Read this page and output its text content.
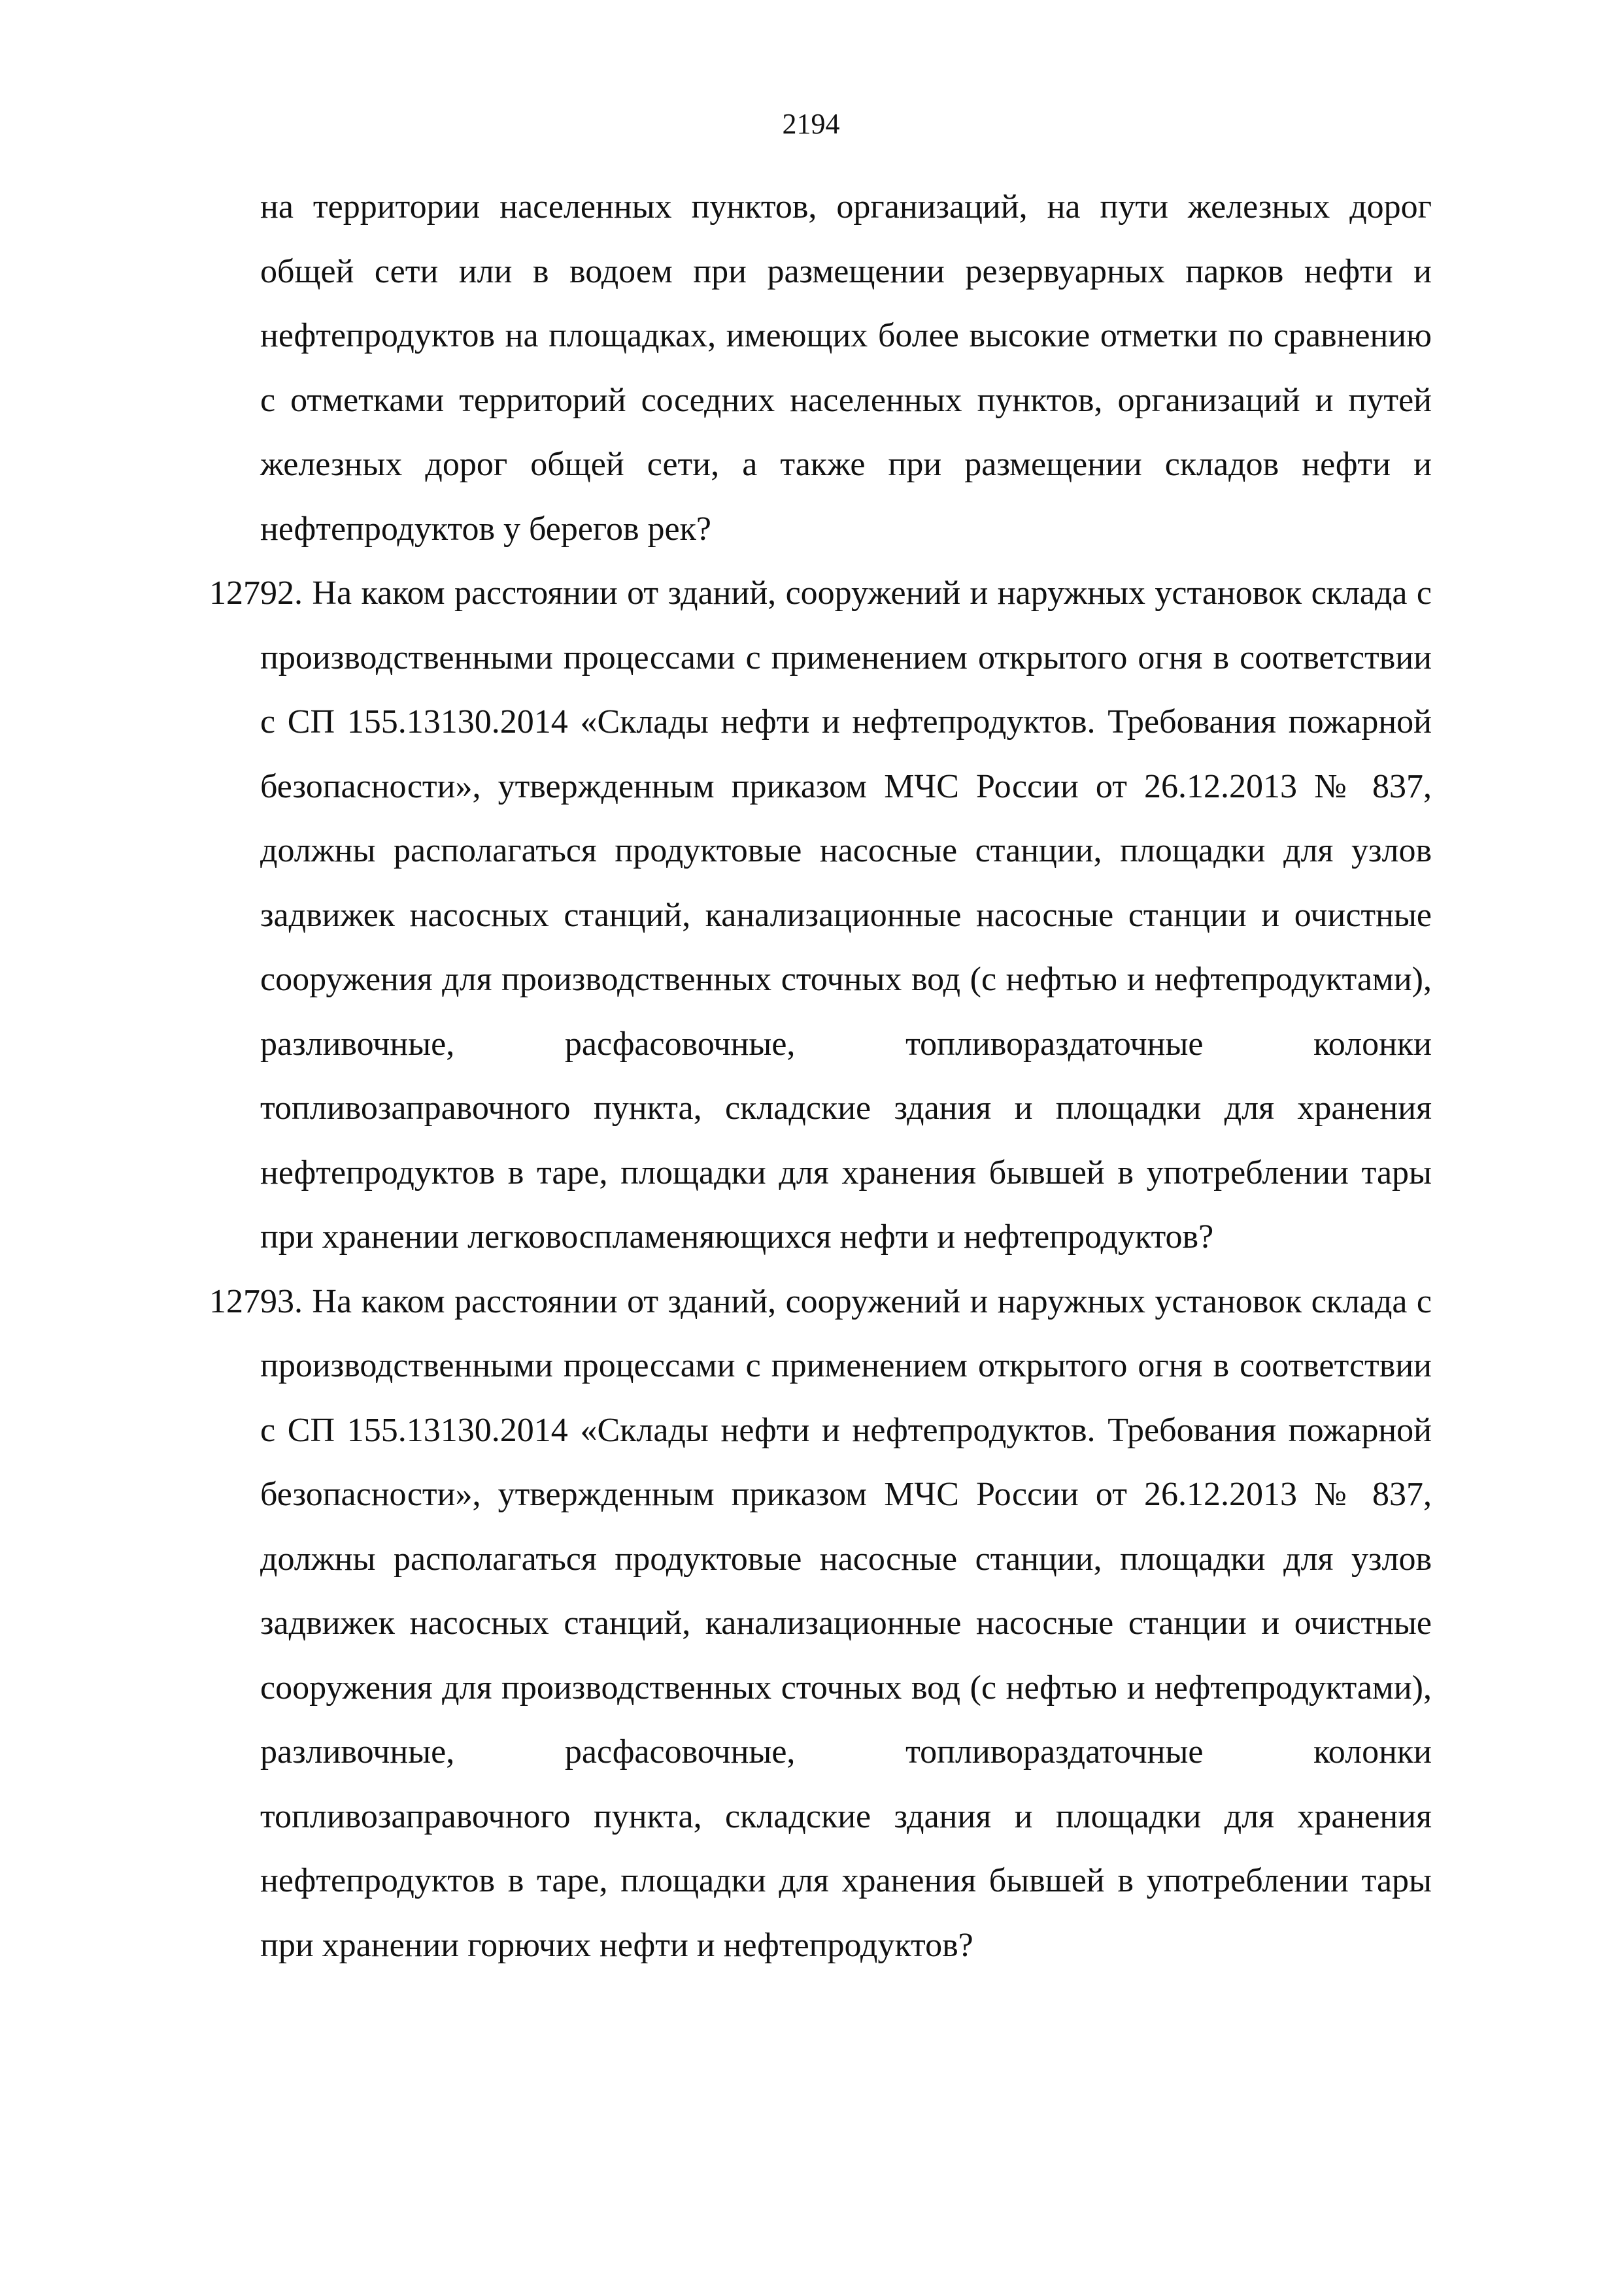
2194

на территории населенных пунктов, организаций, на пути железных дорог общей сети или в водоем при размещении резервуарных парков нефти и нефтепродуктов на площадках, имеющих более высокие отметки по сравнению с отметками территорий соседних населенных пунктов, организаций и путей железных дорог общей сети, а также при размещении складов нефти и нефтепродуктов у берегов рек?

12792. На каком расстоянии от зданий, сооружений и наружных установок склада с производственными процессами с применением открытого огня в соответствии с СП 155.13130.2014 «Склады нефти и нефтепродуктов. Требования пожарной безопасности», утвержденным приказом МЧС России от 26.12.2013 № 837, должны располагаться продуктовые насосные станции, площадки для узлов задвижек насосных станций, канализационные насосные станции и очистные сооружения для производственных сточных вод (с нефтью и нефтепродуктами), разливочные, расфасовочные, топливораздаточные колонки топливозаправочного пункта, складские здания и площадки для хранения нефтепродуктов в таре, площадки для хранения бывшей в употреблении тары при хранении легковоспламеняющихся нефти и нефтепродуктов?

12793. На каком расстоянии от зданий, сооружений и наружных установок склада с производственными процессами с применением открытого огня в соответствии с СП 155.13130.2014 «Склады нефти и нефтепродуктов. Требования пожарной безопасности», утвержденным приказом МЧС России от 26.12.2013 № 837, должны располагаться продуктовые насосные станции, площадки для узлов задвижек насосных станций, канализационные насосные станции и очистные сооружения для производственных сточных вод (с нефтью и нефтепродуктами), разливочные, расфасовочные, топливораздаточные колонки топливозаправочного пункта, складские здания и площадки для хранения нефтепродуктов в таре, площадки для хранения бывшей в употреблении тары при хранении горючих нефти и нефтепродуктов?
